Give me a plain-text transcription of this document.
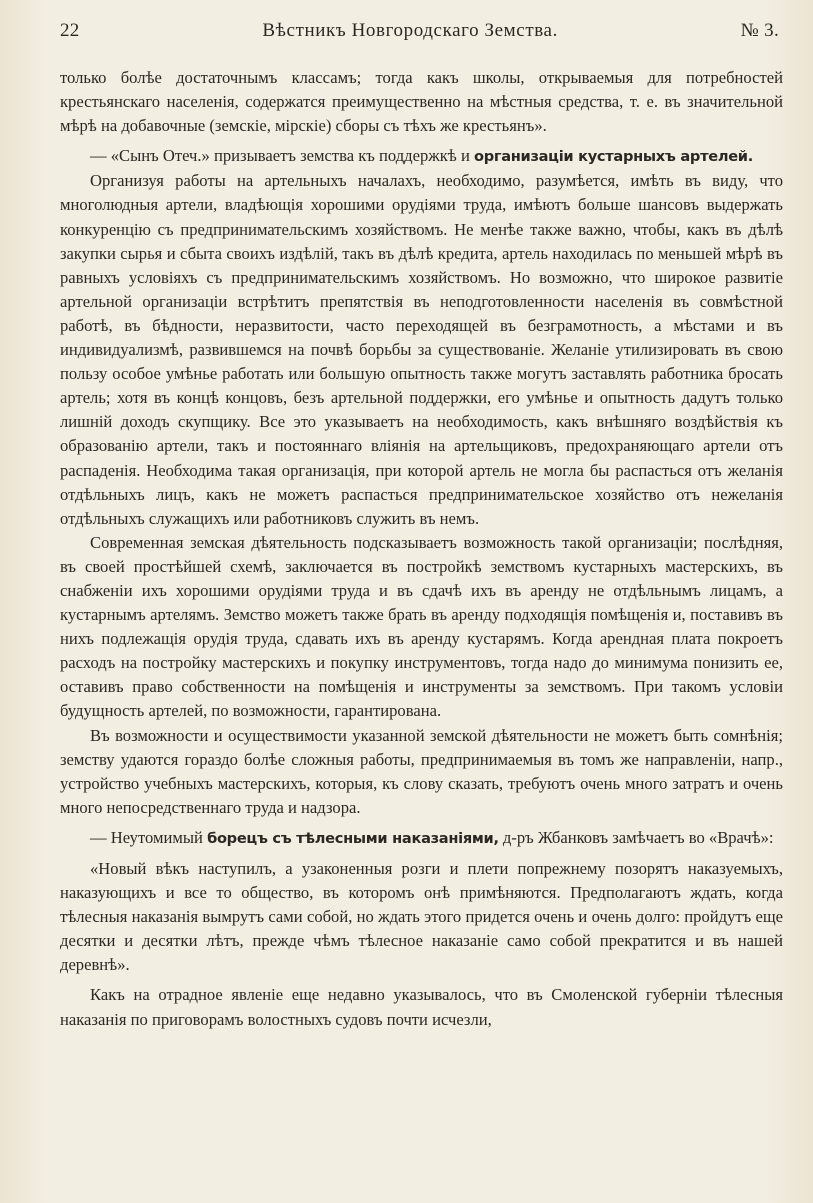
22	Вѣстникъ Новгородскаго Земства.	№ 3.

только болѣе достаточнымъ классамъ; тогда какъ школы, открываемыя для потребностей крестьянскаго населенія, содержатся преимущественно на мѣстныя средства, т. е. въ значительной мѣрѣ на добавочные (земскіе, мірскіе) сборы съ тѣхъ же крестьянъ».

— «Сынъ Отеч.» призываетъ земства къ поддержкѣ и организаціи кустарныхъ артелей.

Организуя работы на артельныхъ началахъ, необходимо, разумѣется, имѣть въ виду, что многолюдныя артели, владѣющія хорошими орудіями труда, имѣютъ больше шансовъ выдержать конкуренцію съ предпринимательскимъ хозяйствомъ. Не менѣе также важно, чтобы, какъ въ дѣлѣ закупки сырья и сбыта своихъ издѣлій, такъ въ дѣлѣ кредита, артель находилась по меньшей мѣрѣ въ равныхъ условіяхъ съ предпринимательскимъ хозяйствомъ. Но возможно, что широкое развитіе артельной организаціи встрѣтитъ препятствія въ неподготовленности населенія въ совмѣстной работѣ, въ бѣдности, неразвитости, часто переходящей въ безграмотность, а мѣстами и въ индивидуализмѣ, развившемся на почвѣ борьбы за существованіе. Желаніе утилизировать въ свою пользу особое умѣнье работать или большую опытность также могутъ заставлять работника бросать артель; хотя въ концѣ концовъ, безъ артельной поддержки, его умѣнье и опытность дадутъ только лишній доходъ скупщику. Все это указываетъ на необходимость, какъ внѣшняго воздѣйствія къ образованію артели, такъ и постояннаго вліянія на артельщиковъ, предохраняющаго артели отъ распаденія. Необходима такая организація, при которой артель не могла бы распасться отъ желанія отдѣльныхъ лицъ, какъ не можетъ распасться предпринимательское хозяйство отъ нежеланія отдѣльныхъ служащихъ или работниковъ служить въ немъ.

Современная земская дѣятельность подсказываетъ возможность такой организаціи; послѣдняя, въ своей простѣйшей схемѣ, заключается въ постройкѣ земствомъ кустарныхъ мастерскихъ, въ снабженіи ихъ хорошими орудіями труда и въ сдачѣ ихъ въ аренду не отдѣльнымъ лицамъ, а кустарнымъ артелямъ. Земство можетъ также брать въ аренду подходящія помѣщенія и, поставивъ въ нихъ подлежащія орудія труда, сдавать ихъ въ аренду кустарямъ. Когда арендная плата покроетъ расходъ на постройку мастерскихъ и покупку инструментовъ, тогда надо до минимума понизить ее, оставивъ право собственности на помѣщенія и инструменты за земствомъ. При такомъ условіи будущность артелей, по возможности, гарантирована.

Въ возможности и осуществимости указанной земской дѣятельности не можетъ быть сомнѣнія; земству удаются гораздо болѣе сложныя работы, предпринимаемыя въ томъ же направленіи, напр., устройство учебныхъ мастерскихъ, которыя, къ слову сказать, требуютъ очень много затратъ и очень много непосредственнаго труда и надзора.

— Неутомимый борецъ съ тѣлесными наказаніями, д-ръ Жбанковъ замѣчаетъ во «Врачѣ»:

«Новый вѣкъ наступилъ, а узаконенныя розги и плети попрежнему позорятъ наказуемыхъ, наказующихъ и все то общество, въ которомъ онѣ примѣняются. Предполагаютъ ждать, когда тѣлесныя наказанія вымрутъ сами собой, но ждать этого придется очень и очень долго: пройдутъ еще десятки и десятки лѣтъ, прежде чѣмъ тѣлесное наказаніе само собой прекратится и въ нашей деревнѣ».

Какъ на отрадное явленіе еще недавно указывалось, что въ Смоленской губерніи тѣлесныя наказанія по приговорамъ волостныхъ судовъ почти исчезли,
